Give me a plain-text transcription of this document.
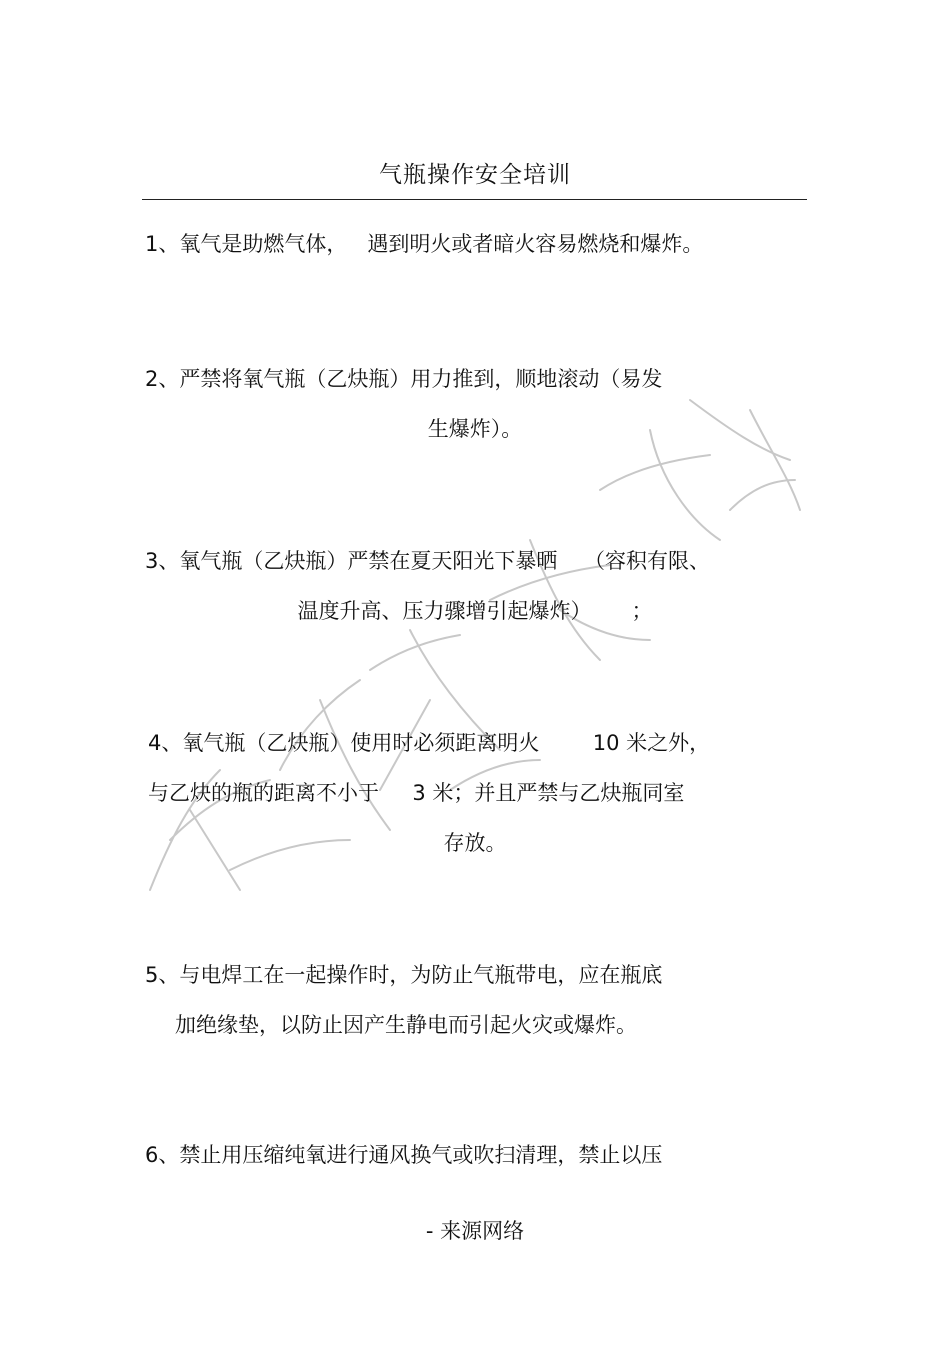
气瓶操作安全培训
1、氧气是助燃气体，   遇到明火或者暗火容易燃烧和爆炸。
2、严禁将氧气瓶（乙炔瓶）用力推到，顺地滚动（易发
生爆炸）。
3、氧气瓶（乙炔瓶）严禁在夏天阳光下暴晒    （容积有限、
温度升高、压力骤增引起爆炸）      ；
4、氧气瓶（乙炔瓶）使用时必须距离明火        10 米之外，
与乙炔的瓶的距离不小于     3 米；并且严禁与乙炔瓶同室
存放。
5、与电焊工在一起操作时，为防止气瓶带电，应在瓶底
加绝缘垫，以防止因产生静电而引起火灾或爆炸。
6、禁止用压缩纯氧进行通风换气或吹扫清理，禁止以压
- 来源网络
